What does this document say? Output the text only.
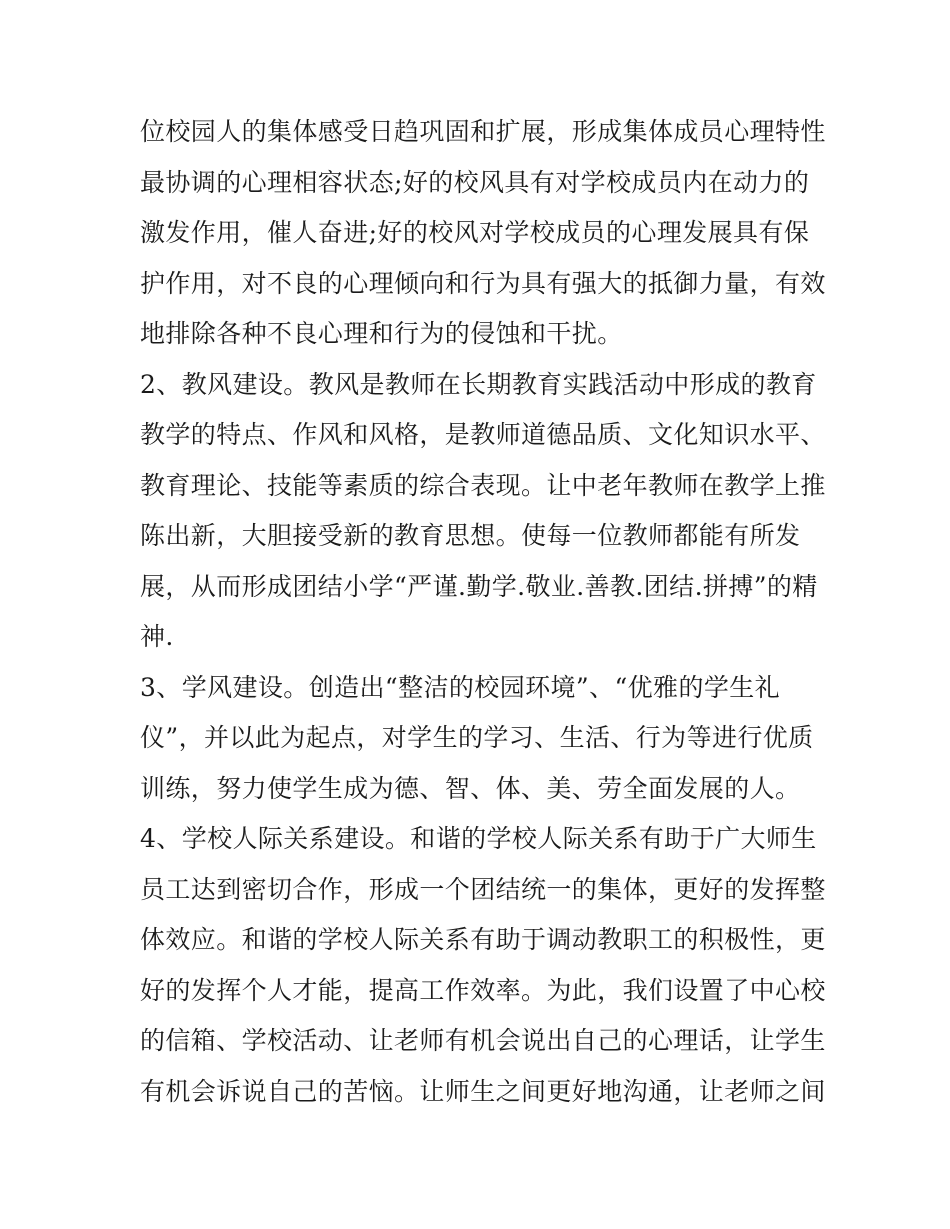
位校园人的集体感受日趋巩固和扩展，形成集体成员心理特性
最协调的心理相容状态;好的校风具有对学校成员内在动力的
激发作用，催人奋进;好的校风对学校成员的心理发展具有保
护作用，对不良的心理倾向和行为具有强大的抵御力量，有效
地排除各种不良心理和行为的侵蚀和干扰。
2、教风建设。教风是教师在长期教育实践活动中形成的教育
教学的特点、作风和风格，是教师道德品质、文化知识水平、
教育理论、技能等素质的综合表现。让中老年教师在教学上推
陈出新，大胆接受新的教育思想。使每一位教师都能有所发
展，从而形成团结小学“严谨.勤学.敬业.善教.团结.拼搏”的精
神.
3、学风建设。创造出“整洁的校园环境”、“优雅的学生礼
仪”，并以此为起点，对学生的学习、生活、行为等进行优质
训练，努力使学生成为德、智、体、美、劳全面发展的人。
4、学校人际关系建设。和谐的学校人际关系有助于广大师生
员工达到密切合作，形成一个团结统一的集体，更好的发挥整
体效应。和谐的学校人际关系有助于调动教职工的积极性，更
好的发挥个人才能，提高工作效率。为此，我们设置了中心校
的信箱、学校活动、让老师有机会说出自己的心理话，让学生
有机会诉说自己的苦恼。让师生之间更好地沟通，让老师之间
